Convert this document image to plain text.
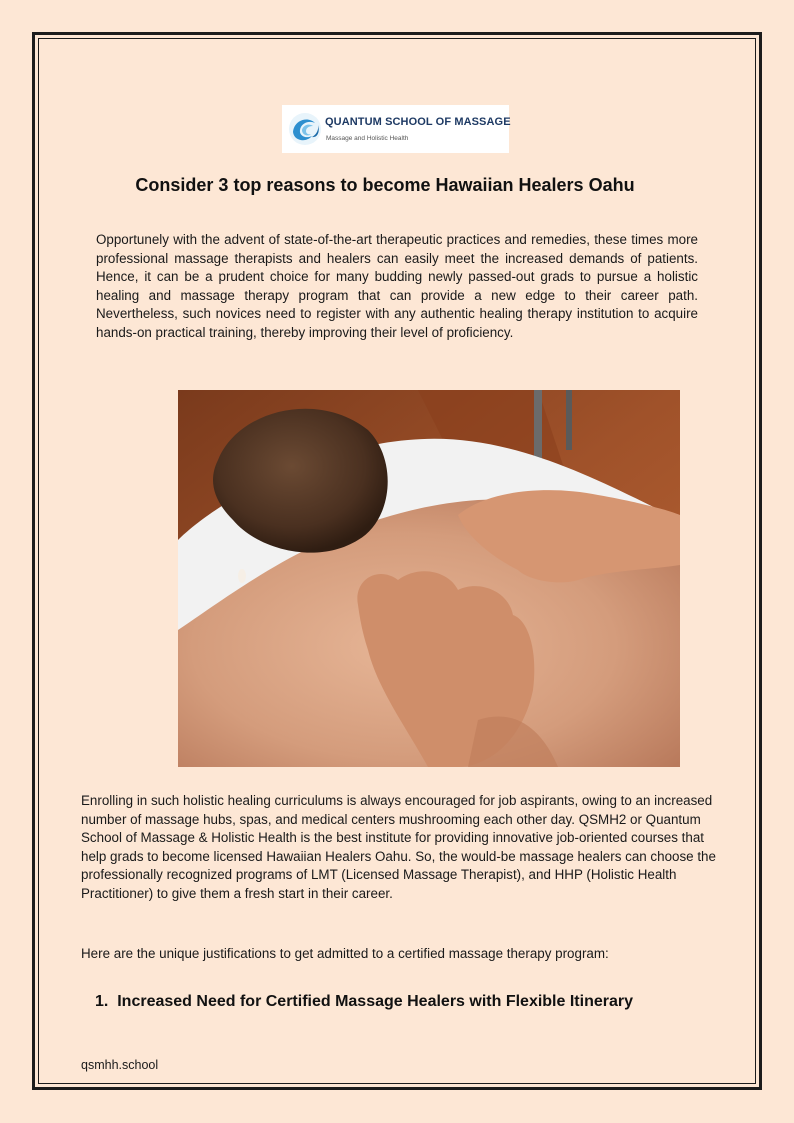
QUANTUM SCHOOL OF MASSAGE
Massage and Holistic Health
Consider 3 top reasons to become Hawaiian Healers Oahu

Opportunely with the advent of state-of-the-art therapeutic practices and remedies, these times more professional massage therapists and healers can easily meet the increased demands of patients. Hence, it can be a prudent choice for many budding newly passed-out grads to pursue a holistic healing and massage therapy program that can provide a new edge to their career path. Nevertheless, such novices need to register with any authentic healing therapy institution to acquire hands-on practical training, thereby improving their level of proficiency.

Enrolling in such holistic healing curriculums is always encouraged for job aspirants, owing to an increased number of massage hubs, spas, and medical centers mushrooming each other day. QSMH2 or Quantum School of Massage & Holistic Health is the best institute for providing innovative job-oriented courses that help grads to become licensed Hawaiian Healers Oahu. So, the would-be massage healers can choose the professionally recognized programs of LMT (Licensed Massage Therapist), and HHP (Holistic Health Practitioner) to give them a fresh start in their career.

Here are the unique justifications to get admitted to a certified massage therapy program:

1. Increased Need for Certified Massage Healers with Flexible Itinerary

qsmhh.school
